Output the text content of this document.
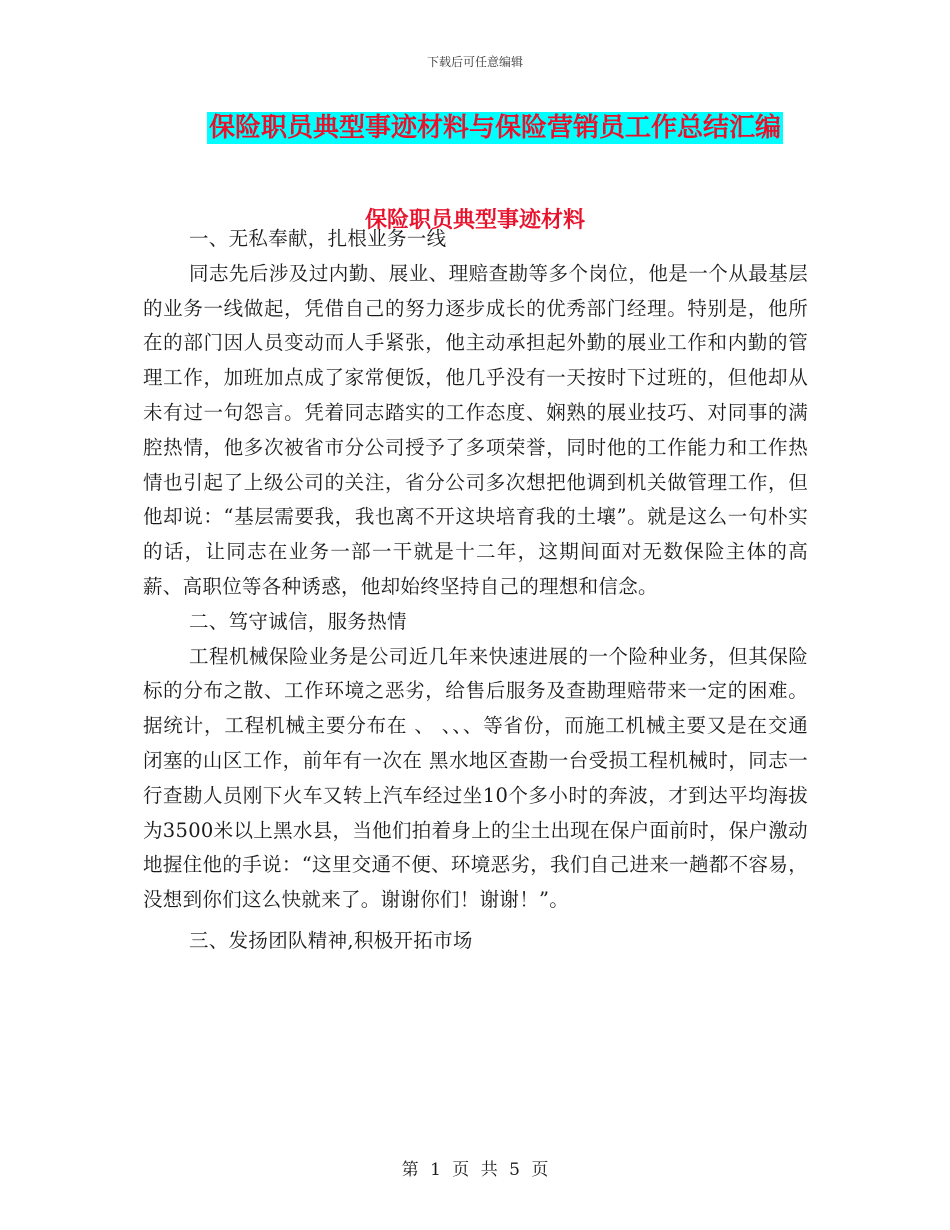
下载后可任意编辑
保险职员典型事迹材料与保险营销员工作总结汇编
保险职员典型事迹材料

一、无私奉献，扎根业务一线

同志先后涉及过内勤、展业、理赔查勘等多个岗位，他是一个从最基层的业务一线做起，凭借自己的努力逐步成长的优秀部门经理。特别是，他所在的部门因人员变动而人手紧张，他主动承担起外勤的展业工作和内勤的管理工作，加班加点成了家常便饭，他几乎没有一天按时下过班的，但他却从未有过一句怨言。凭着同志踏实的工作态度、娴熟的展业技巧、对同事的满腔热情，他多次被省市分公司授予了多项荣誉，同时他的工作能力和工作热情也引起了上级公司的关注，省分公司多次想把他调到机关做管理工作，但他却说：“基层需要我，我也离不开这块培育我的土壤”。就是这么一句朴实的话，让同志在业务一部一干就是十二年，这期间面对无数保险主体的高薪、高职位等各种诱惑，他却始终坚持自己的理想和信念。

二、笃守诚信，服务热情

工程机械保险业务是公司近几年来快速进展的一个险种业务，但其保险标的分布之散、工作环境之恶劣，给售后服务及查勘理赔带来一定的困难。据统计，工程机械主要分布在 、 、、、等省份，而施工机械主要又是在交通闭塞的山区工作，前年有一次在 黑水地区查勘一台受损工程机械时，同志一行查勘人员刚下火车又转上汽车经过坐10个多小时的奔波，才到达平均海拔为3500米以上黑水县，当他们拍着身上的尘土出现在保户面前时，保户激动地握住他的手说：“这里交通不便、环境恶劣，我们自己进来一趟都不容易，没想到你们这么快就来了。谢谢你们！谢谢！”。

三、发扬团队精神,积极开拓市场

第 1 页 共 5 页
